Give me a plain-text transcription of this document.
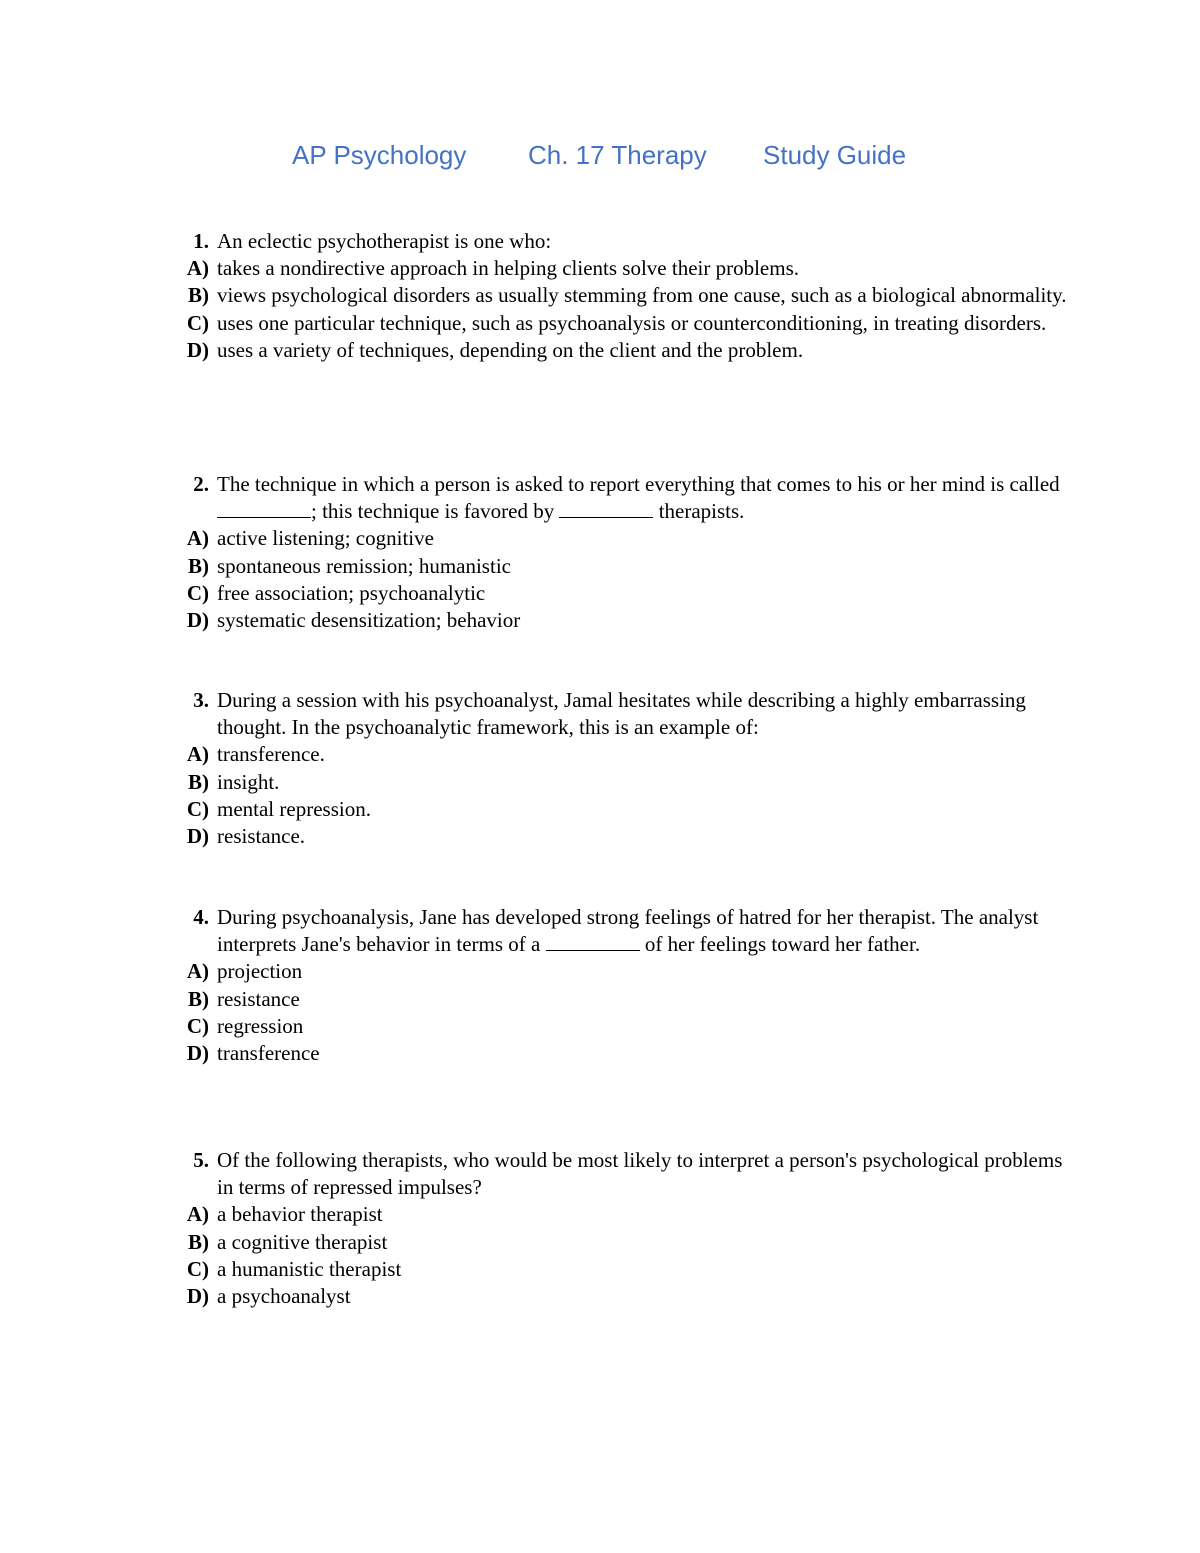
AP Psychology Ch. 17 Therapy Study Guide
1. An eclectic psychotherapist is one who:
A) takes a nondirective approach in helping clients solve their problems.
B) views psychological disorders as usually stemming from one cause, such as a biological abnormality.
C) uses one particular technique, such as psychoanalysis or counterconditioning, in treating disorders.
D) uses a variety of techniques, depending on the client and the problem.
2. The technique in which a person is asked to report everything that comes to his or her mind is called ; this technique is favored by	therapists.
A) active listening; cognitive
B) spontaneous remission; humanistic
C) free association; psychoanalytic
D) systematic desensitization; behavior
3. During a session with his psychoanalyst, Jamal hesitates while describing a highly embarrassing thought. In the psychoanalytic framework, this is an example of:
A) transference.
B) insight.
C) mental repression.
D) resistance.
4. During psychoanalysis, Jane has developed strong feelings of hatred for her therapist. The analyst interprets Jane's behavior in terms of a	of her feelings toward her father.
A) projection
B) resistance
C) regression
D) transference
5. Of the following therapists, who would be most likely to interpret a person's psychological problems in terms of repressed impulses?
A) a behavior therapist
B) a cognitive therapist
C) a humanistic therapist
D) a psychoanalyst
